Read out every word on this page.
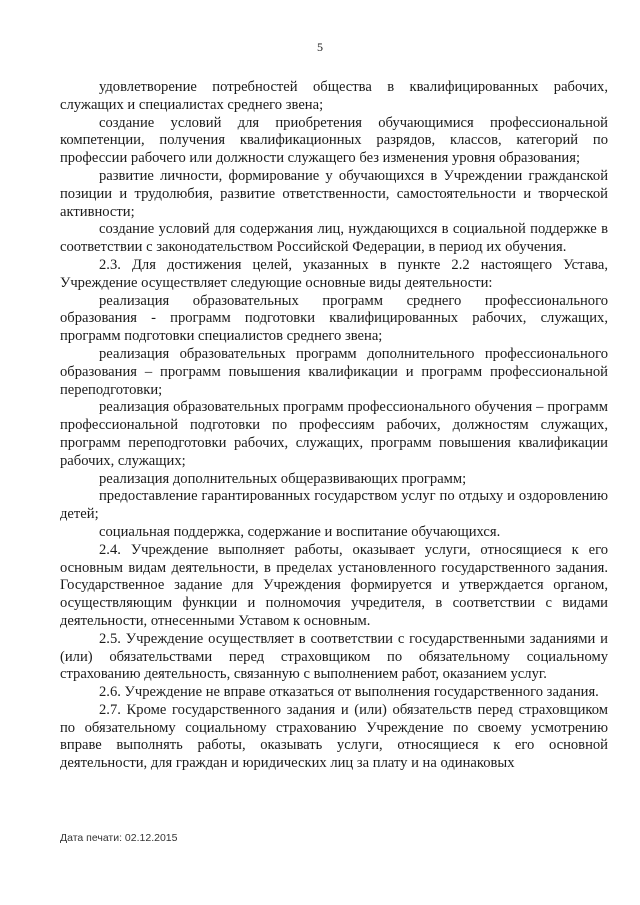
5

удовлетворение потребностей общества в квалифицированных рабочих, служащих и специалистах среднего звена;

создание условий для приобретения обучающимися профессиональной компетенции, получения квалификационных разрядов, классов, категорий по профессии рабочего или должности служащего без изменения уровня образования;

развитие личности, формирование у обучающихся в Учреждении гражданской позиции и трудолюбия, развитие ответственности, самостоятельности и творческой активности;

создание условий для содержания лиц, нуждающихся в социальной поддержке в соответствии с законодательством Российской Федерации, в период их обучения.

2.3. Для достижения целей, указанных в пункте 2.2 настоящего Устава, Учреждение осуществляет следующие основные виды деятельности:

реализация образовательных программ среднего профессионального образования - программ подготовки квалифицированных рабочих, служащих, программ подготовки специалистов среднего звена;

реализация образовательных программ дополнительного профессионального образования – программ повышения квалификации и программ профессиональной переподготовки;

реализация образовательных программ профессионального обучения – программ профессиональной подготовки по профессиям рабочих, должностям служащих, программ переподготовки рабочих, служащих, программ повышения квалификации рабочих, служащих;

реализация дополнительных общеразвивающих программ;

предоставление гарантированных государством услуг по отдыху и оздоровлению детей;

социальная поддержка, содержание и воспитание обучающихся.

2.4. Учреждение выполняет работы, оказывает услуги, относящиеся к его основным видам деятельности, в пределах установленного государственного задания. Государственное задание для Учреждения формируется и утверждается органом, осуществляющим функции и полномочия учредителя, в соответствии с видами деятельности, отнесенными Уставом к основным.

2.5. Учреждение осуществляет в соответствии с государственными заданиями и (или) обязательствами перед страховщиком по обязательному социальному страхованию деятельность, связанную с выполнением работ, оказанием услуг.

2.6. Учреждение не вправе отказаться от выполнения государственного задания.

2.7. Кроме государственного задания и (или) обязательств перед страховщиком по обязательному социальному страхованию Учреждение по своему усмотрению вправе выполнять работы, оказывать услуги, относящиеся к его основной деятельности, для граждан и юридических лиц за плату и на одинаковых

Дата печати: 02.12.2015
